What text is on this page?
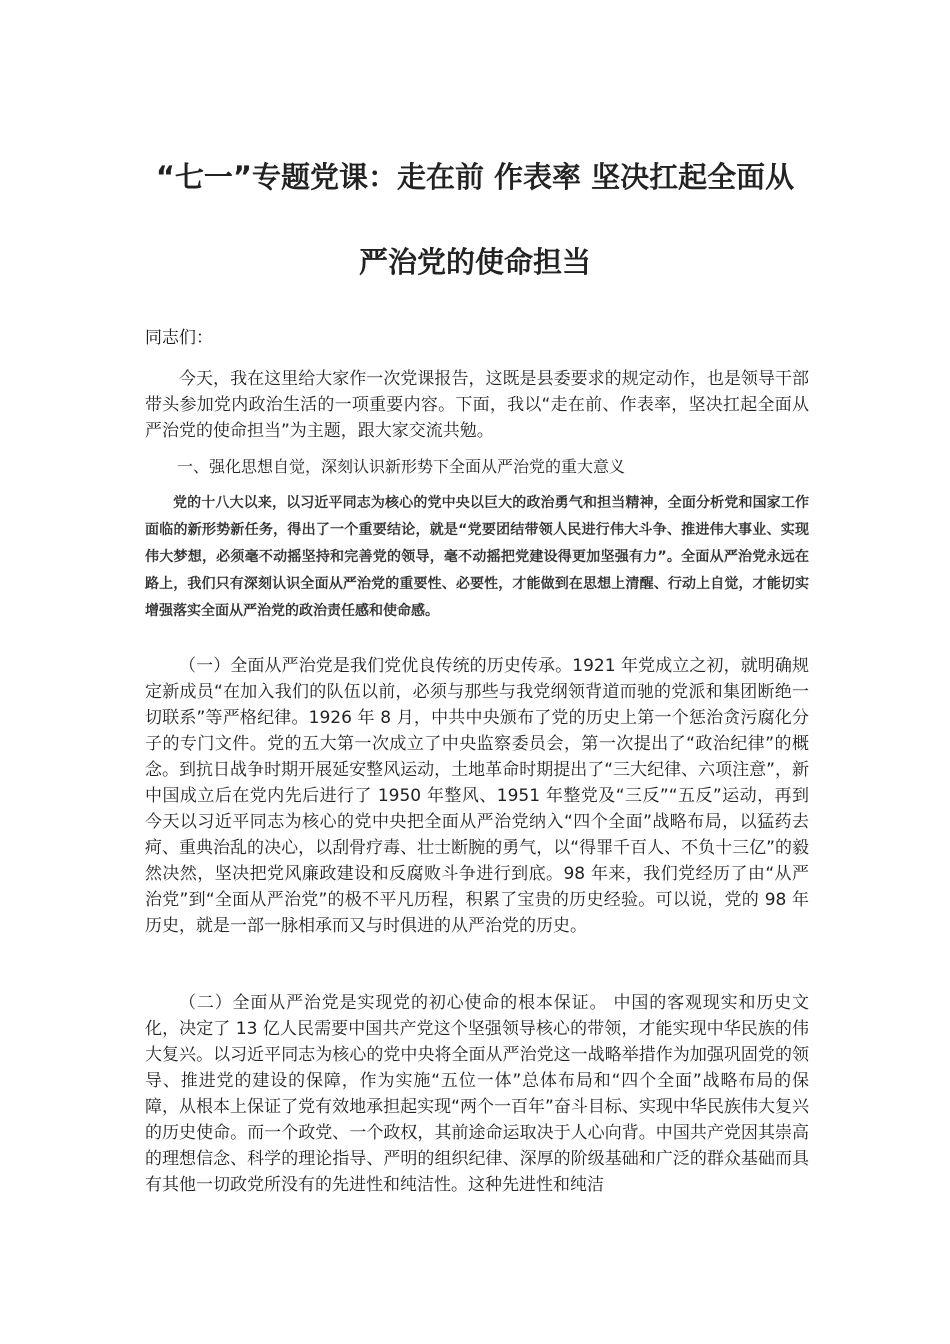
“七一”专题党课：走在前 作表率 坚决扛起全面从
严治党的使命担当
同志们：

今天，我在这里给大家作一次党课报告，这既是县委要求的规定动作，也是领导干部带头参加党内政治生活的一项重要内容。下面，我以“走在前、作表率，坚决扛起全面从严治党的使命担当”为主题，跟大家交流共勉。

一、强化思想自觉，深刻认识新形势下全面从严治党的重大意义

党的十八大以来，以习近平同志为核心的党中央以巨大的政治勇气和担当精神，全面分析党和国家工作面临的新形势新任务，得出了一个重要结论，就是“党要团结带领人民进行伟大斗争、推进伟大事业、实现伟大梦想，必须毫不动摇坚持和完善党的领导，毫不动摇把党建设得更加坚强有力”。全面从严治党永远在路上，我们只有深刻认识全面从严治党的重要性、必要性，才能做到在思想上清醒、行动上自觉，才能切实增强落实全面从严治党的政治责任感和使命感。

（一）全面从严治党是我们党优良传统的历史传承。1921 年党成立之初，就明确规定新成员“在加入我们的队伍以前，必须与那些与我党纲领背道而驰的党派和集团断绝一切联系”等严格纪律。1926 年 8 月，中共中央颁布了党的历史上第一个惩治贪污腐化分子的专门文件。党的五大第一次成立了中央监察委员会，第一次提出了“政治纪律”的概念。到抗日战争时期开展延安整风运动，土地革命时期提出了“三大纪律、六项注意”，新中国成立后在党内先后进行了 1950 年整风、1951 年整党及“三反”“五反”运动，再到今天以习近平同志为核心的党中央把全面从严治党纳入“四个全面”战略布局，以猛药去疴、重典治乱的决心，以刮骨疗毒、壮士断腕的勇气，以“得罪千百人、不负十三亿”的毅然决然，坚决把党风廉政建设和反腐败斗争进行到底。98 年来，我们党经历了由“从严治党”到“全面从严治党”的极不平凡历程，积累了宝贵的历史经验。可以说，党的 98 年历史，就是一部一脉相承而又与时俱进的从严治党的历史。

（二）全面从严治党是实现党的初心使命的根本保证。 中国的客观现实和历史文化，决定了 13 亿人民需要中国共产党这个坚强领导核心的带领，才能实现中华民族的伟大复兴。以习近平同志为核心的党中央将全面从严治党这一战略举措作为加强巩固党的领导、推进党的建设的保障，作为实施“五位一体”总体布局和“四个全面”战略布局的保障，从根本上保证了党有效地承担起实现“两个一百年”奋斗目标、实现中华民族伟大复兴的历史使命。而一个政党、一个政权，其前途命运取决于人心向背。中国共产党因其崇高的理想信念、科学的理论指导、严明的组织纪律、深厚的阶级基础和广泛的群众基础而具有其他一切政党所没有的先进性和纯洁性。这种先进性和纯洁
